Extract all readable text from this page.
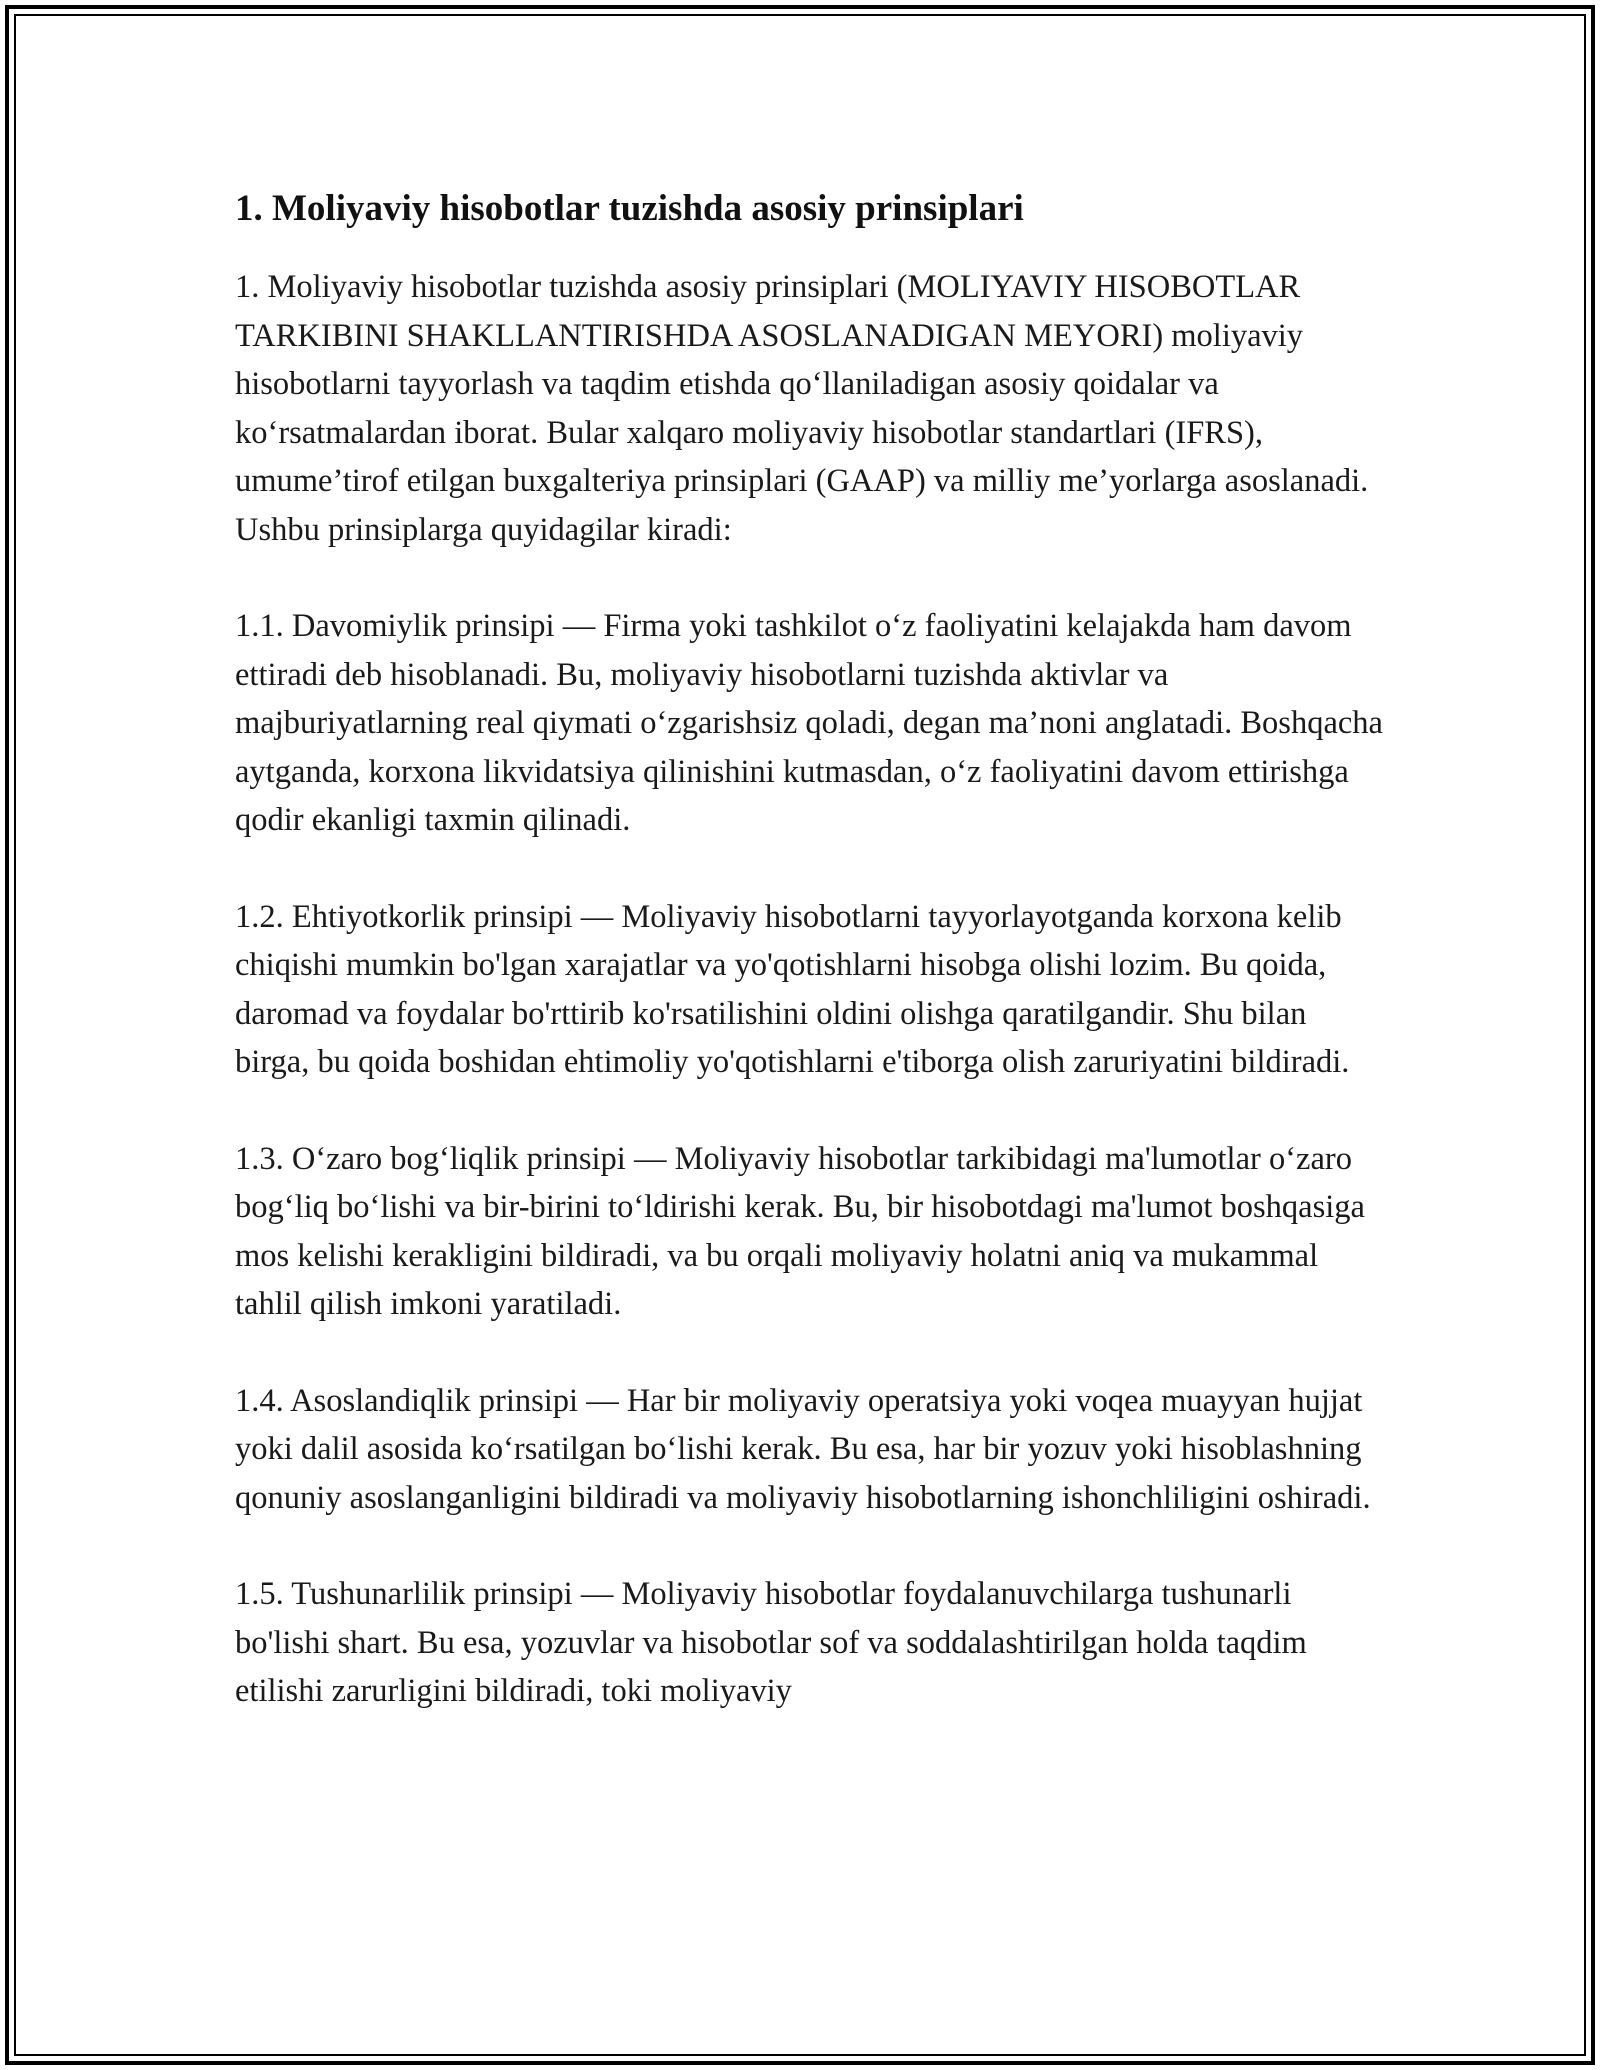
1. Moliyaviy hisobotlar tuzishda asosiy prinsiplari

1. Moliyaviy hisobotlar tuzishda asosiy prinsiplari (MOLIYAVIY HISOBOTLAR TARKIBINI SHAKLLANTIRISHDA ASOSLANADIGAN MEYORI) moliyaviy hisobotlarni tayyorlash va taqdim etishda qo‘llaniladigan asosiy qoidalar va ko‘rsatmalardan iborat. Bular xalqaro moliyaviy hisobotlar standartlari (IFRS), umume’tirof etilgan buxgalteriya prinsiplari (GAAP) va milliy me’yorlarga asoslanadi. Ushbu prinsiplarga quyidagilar kiradi:

1.1. Davomiylik prinsipi — Firma yoki tashkilot o‘z faoliyatini kelajakda ham davom ettiradi deb hisoblanadi. Bu, moliyaviy hisobotlarni tuzishda aktivlar va majburiyatlarning real qiymati o‘zgarishsiz qoladi, degan ma’noni anglatadi. Boshqacha aytganda, korxona likvidatsiya qilinishini kutmasdan, o‘z faoliyatini davom ettirishga qodir ekanligi taxmin qilinadi.

1.2. Ehtiyotkorlik prinsipi — Moliyaviy hisobotlarni tayyorlayotganda korxona kelib chiqishi mumkin bo'lgan xarajatlar va yo'qotishlarni hisobga olishi lozim. Bu qoida, daromad va foydalar bo'rttirib ko'rsatilishini oldini olishga qaratilgandir. Shu bilan birga, bu qoida boshidan ehtimoliy yo'qotishlarni e'tiborga olish zaruriyatini bildiradi.

1.3. O‘zaro bog‘liqlik prinsipi — Moliyaviy hisobotlar tarkibidagi ma'lumotlar o‘zaro bog‘liq bo‘lishi va bir-birini to‘ldirishi kerak. Bu, bir hisobotdagi ma'lumot boshqasiga mos kelishi kerakligini bildiradi, va bu orqali moliyaviy holatni aniq va mukammal tahlil qilish imkoni yaratiladi.

1.4. Asoslandiqlik prinsipi — Har bir moliyaviy operatsiya yoki voqea muayyan hujjat yoki dalil asosida ko‘rsatilgan bo‘lishi kerak. Bu esa, har bir yozuv yoki hisoblashning qonuniy asoslanganligini bildiradi va moliyaviy hisobotlarning ishonchliligini oshiradi.

1.5. Tushunarlilik prinsipi — Moliyaviy hisobotlar foydalanuvchilarga tushunarli bo'lishi shart. Bu esa, yozuvlar va hisobotlar sof va soddalashtirilgan holda taqdim etilishi zarurligini bildiradi, toki moliyaviy
